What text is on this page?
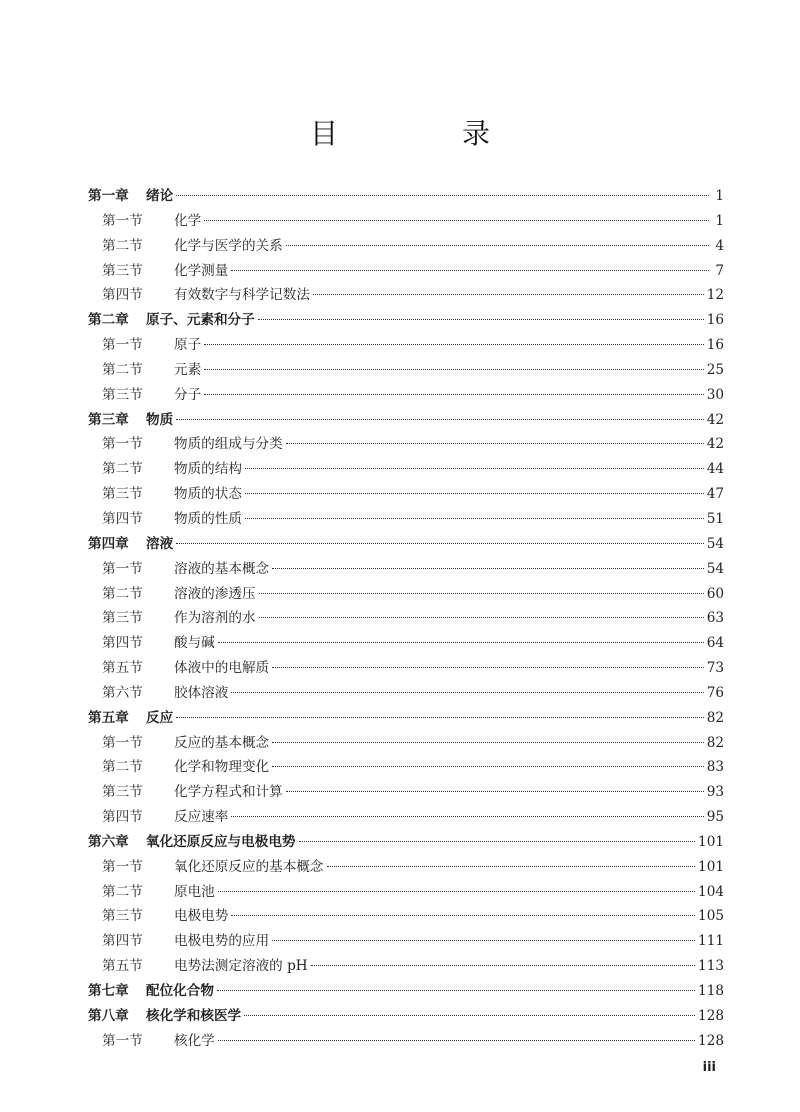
目　录
第一章	绪论	1
第一节	化学	1
第二节	化学与医学的关系	4
第三节	化学测量	7
第四节	有效数字与科学记数法	12
第二章	原子、元素和分子	16
第一节	原子	16
第二节	元素	25
第三节	分子	30
第三章	物质	42
第一节	物质的组成与分类	42
第二节	物质的结构	44
第三节	物质的状态	47
第四节	物质的性质	51
第四章	溶液	54
第一节	溶液的基本概念	54
第二节	溶液的渗透压	60
第三节	作为溶剂的水	63
第四节	酸与碱	64
第五节	体液中的电解质	73
第六节	胶体溶液	76
第五章	反应	82
第一节	反应的基本概念	82
第二节	化学和物理变化	83
第三节	化学方程式和计算	93
第四节	反应速率	95
第六章	氧化还原反应与电极电势	101
第一节	氧化还原反应的基本概念	101
第二节	原电池	104
第三节	电极电势	105
第四节	电极电势的应用	111
第五节	电势法测定溶液的 pH	113
第七章	配位化合物	118
第八章	核化学和核医学	128
第一节	核化学	128
iii
